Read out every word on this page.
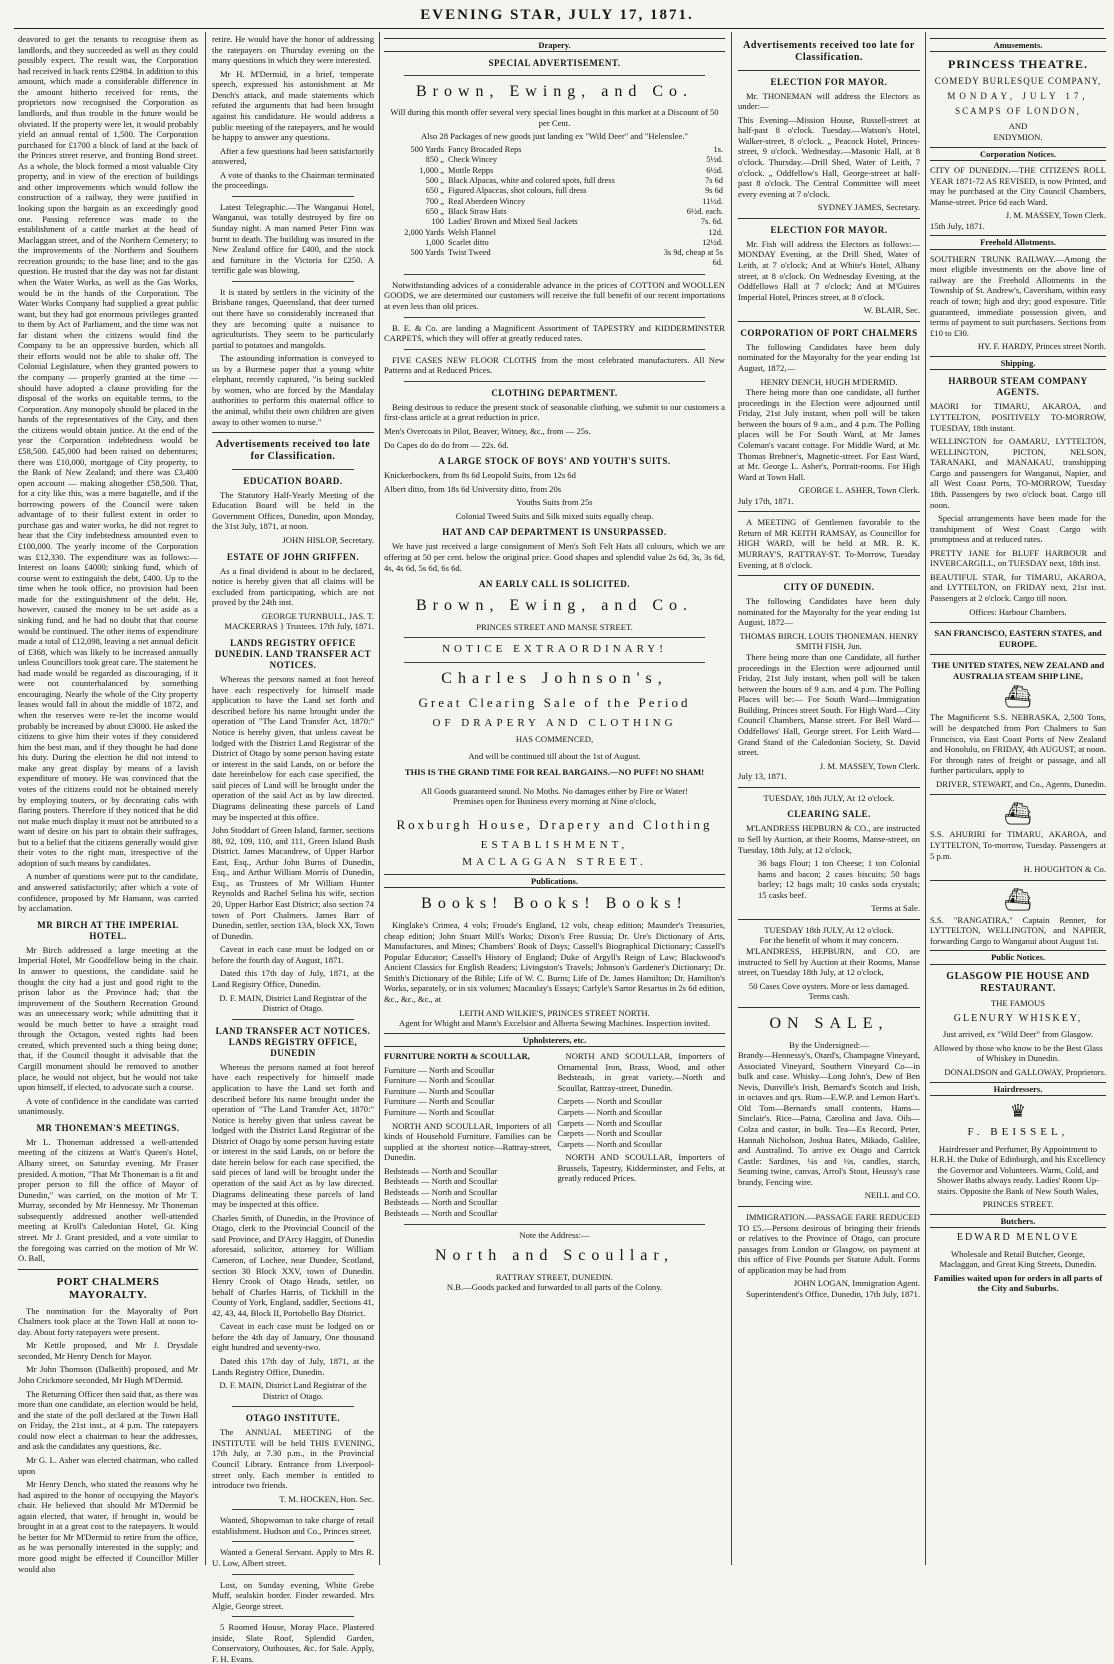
EVENING STAR, JULY 17, 1871.

deavored to get the tenants to recognise them as landlords, and they succeeded as well as they could possibly expect. The result was, the Corporation had received in back rents £2984. In addition to this amount, which made a considerable difference in the amount hitherto received for rents, the proprietors now recognised the Corporation as landlords, and thus trouble in the future would be obviated. If the property were let, it would probably yield an annual rental of 1,500. The Corporation purchased for £1700 a block of land at the back of the Princes street reserve, and fronting Bond street. As a whole, the block formed a most valuable City property, and in view of the erection of buildings and other improvements which would follow the construction of a railway, they were justified in looking upon the bargain as an exceedingly good one. Passing reference was made to the establishment of a cattle market at the head of Maclaggan street, and of the Northern Cemetery; to the improvements of the Northern and Southern recreation grounds; to the base line; and to the gas question. He trusted that the day was not far distant when the Water Works, as well as the Gas Works, would be in the hands of the Corporation. The Water Works Company had supplied a great public want, but they had got enormous privileges granted to them by Act of Parliament, and the time was not far distant when the citizens would find the Company to be an oppressive burden, which all their efforts would not be able to shake off. The Colonial Legislature, when they granted powers to the company — properly granted at the time — should have adopted a clause providing for the disposal of the works on equitable terms, to the Corporation. Any monopoly should be placed in the hands of the representatives of the City, and then the citizens would obtain justice. At the end of the year the Corporation indebtedness would be £58,500. £45,000 had been raised on debentures; there was £10,000, mortgage of City property, to the Bank of New Zealand; and there was £3,400 open account — making altogether £58,500. That, for a city like this, was a mere bagatelle, and if the borrowing powers of the Council were taken advantage of to their fullest extent in order to purchase gas and water works, he did not regret to hear that the City indebtedness amounted even to £100,000. The yearly income of the Corporation was £12,330. The expenditure was as follows:— Interest on loans £4000; sinking fund, which of course went to extinguish the debt, £400. Up to the time when he took office, no provision had been made for the extinguishment of the debt. He, however, caused the money to be set aside as a sinking fund, and he had no doubt that that course would be continued. The other items of expenditure made a total of £12,098, leaving a net annual deficit of £368, which was likely to be increased annually unless Councillors took great care. The statement he had made would be regarded as discouraging, if it were not counterbalanced by something encouraging. Nearly the whole of the City property leases would fall in about the middle of 1872, and when the reserves were re-let the income would probably be increased by about £3000. He asked the citizens to give him their votes if they considered him the best man, and if they thought he had done his duty. During the election he did not intend to make any great display by means of a lavish expenditure of money. He was convinced that the votes of the citizens could not be obtained merely by employing touters, or by decorating cabs with flaring posters. Therefore if they noticed that he did not make much display it must not be attributed to a want of desire on his part to obtain their suffrages, but to a belief that the citizens generally would give their votes to the right man, irrespective of the adoption of such means by candidates.

A number of questions were put to the candidate, and answered satisfactorily; after which a vote of confidence, proposed by Mr Hamann, was carried by acclamation.

MR BIRCH AT THE IMPERIAL HOTEL.

Mr Birch addressed a large meeting at the Imperial Hotel, Mr Goodfellow being in the chair. In answer to questions, the candidate said he thought the city had a just and good right to the prison labor as the Province had; that the improvement of the Southern Recreation Ground was an unnecessary work; while admitting that it would be much better to have a straight road through the Octagon, vested rights had been created, which prevented such a thing being done; that, if the Council thought it advisable that the Cargill monument should be removed to another place, he would not object, but he would not take upon himself, if elected, to advocate such a course.

A vote of confidence in the candidate was carried unanimously.

MR THONEMAN'S MEETINGS.

Mr L. Thoneman addressed a well-attended meeting of the citizens at Watt's Queen's Hotel, Albany street, on Saturday evening. Mr Fraser presided. A motion, "That Mr Thoneman is a fit and proper person to fill the office of Mayor of Dunedin," was carried, on the motion of Mr T. Murray, seconded by Mr Hennessy. Mr Thoneman subsequently addressed another well-attended meeting at Kroll's Caledonian Hotel, Gt. King street. Mr J. Grant presided, and a vote similar to the foregoing was carried on the motion of Mr W. O. Ball,

PORT CHALMERS MAYORALTY.

The nomination for the Mayoralty of Port Chalmers took place at the Town Hall at noon to-day. About forty ratepayers were present.

Mr Kettle proposed, and Mr J. Drysdale seconded, Mr Henry Dench for Mayor.

Mr John Thomson (Dalkeith) proposed, and Mr John Crickmore seconded, Mr Hugh M'Dermid.

The Returning Officer then said that, as there was more than one candidate, an election would be held, and the state of the poll declared at the Town Hall on Friday, the 21st inst., at 4 p.m. The ratepayers could now elect a chairman to hear the addresses, and ask the candidates any questions, &c.

Mr G. L. Asher was elected chairman, who called upon

Mr Henry Dench, who stated the reasons why he had aspired to the honor of occupying the Mayor's chair. He believed that should Mr M'Dermid be again elected, that water, if brought in, would be brought in at a great cost to the ratepayers. It would be better for Mr M'Dermid to retire from the office, as he was personally interested in the supply; and more good might be effected if Councillor Miller would also

retire. He would have the honor of addressing the ratepayers on Thursday evening on the many questions in which they were interested.

Mr H. M'Dermid, in a brief, temperate speech, expressed his astonishment at Mr Dench's attack, and made statements which refuted the arguments that had been brought against his candidature. He would address a public meeting of the ratepayers, and he would be happy to answer any questions.

After a few questions had been satisfactorily answered,

A vote of thanks to the Chairman terminated the proceedings.

Latest Telegraphic.—The Wanganui Hotel, Wanganui, was totally destroyed by fire on Sunday night. A man named Peter Finn was burnt to death. The building was insured in the New Zealand office for £400, and the stock and furniture in the Victoria for £250. A terrific gale was blowing.

It is stated by settlers in the vicinity of the Brisbane ranges, Queensland, that deer turned out there have so considerably increased that they are becoming quite a nuisance to agriculturists. They seem to be particularly partial to potatoes and mangolds.

The astounding information is conveyed to us by a Burmese paper that a young white elephant, recently captured, "is being suckled by women, who are forced by the Mandalay authorities to perform this maternal office to the animal, whilst their own children are given away to other women to nurse."

Advertisements received too late for Classification.
EDUCATION BOARD.

The Statutory Half-Yearly Meeting of the Education Board will be held in the Government Offices, Dunedin, upon Monday, the 31st July, 1871, at noon.

JOHN HISLOP, Secretary.
ESTATE OF JOHN GRIFFEN.

As a final dividend is about to be declared, notice is hereby given that all claims will be excluded from participating, which are not proved by the 24th inst.

GEORGE TURNBULL, JAS. T. MACKERRAS } Trustees. 17th July, 1871.
LANDS REGISTRY OFFICE DUNEDIN. LAND TRANSFER ACT NOTICES.

Whereas the persons named at foot hereof have each respectively for himself made application to have the Land set forth and described before his name brought under the operation of "The Land Transfer Act, 1870:" Notice is hereby given, that unless caveat be lodged with the District Land Registrar of the District of Otago by some person having estate or interest in the said Lands, on or before the date hereinbelow for each case specified, the said pieces of Land will be brought under the operation of the said Act as by law directed. Diagrams delineating these parcels of Land may be inspected at this office.

John Stoddart of Green Island, farmer, sections 88, 92, 109, 110, and 111, Green Island Bush District. James Macandrew, of Upper Harbor East, Esq., Arthur John Burns of Dunedin, Esq., and Arthur William Morris of Dunedin, Esq., as Trustees of Mr William Hunter Reynolds and Rachel Selina his wife, section 20, Upper Harbor East District; also section 74 town of Port Chalmers. James Barr of Dunedin, settler, section 13A, block XX, Town of Dunedin.

Caveat in each case must be lodged on or before the fourth day of August, 1871.

Dated this 17th day of July, 1871, at the Land Registry Office, Dunedin.

D. F. MAIN, District Land Registrar of the District of Otago.
LAND TRANSFER ACT NOTICES. LANDS REGISTRY OFFICE, DUNEDIN

Whereas the persons named at foot hereof have each respectively for himself made application to have the Land set forth and described before his name brought under the operation of "The Land Transfer Act, 1870:" Notice is hereby given that unless caveat be lodged with the District Land Registrar of the District of Otago by some person having estate or interest in the said Lands, on or before the date herein below for each case specified, the said pieces of land will be brought under the operation of the said Act as by law directed. Diagrams delineating these parcels of land may be inspected at this office.

Charles Smith, of Dunedin, in the Province of Otago, clerk to the Provincial Council of the said Province, and D'Arcy Haggitt, of Dunedin aforesaid, solicitor, attorney for William Cameron, of Lochee, near Dundee, Scotland, section 30 Block XXV, town of Dunedin. Henry Crook of Otago Heads, settler, on behalf of Charles Harris, of Tickhill in the County of York, England, saddler, Sections 41, 42, 43, 44, Block II, Portobello Bay District.

Caveat in each case must be lodged on or before the 4th day of January, One thousand eight hundred and seventy-two.

Dated this 17th day of July, 1871, at the Lands Registry Office, Dunedin.

D. F. MAIN, District Land Registrar of the District of Otago.
OTAGO INSTITUTE.

The ANNUAL MEETING of the INSTITUTE will be held THIS EVENING, 17th July, at 7.30 p.m., in the Provincial Council Library. Entrance from Liverpool-street only. Each member is entitled to introduce two friends.

T. M. HOCKEN, Hon. Sec.

Wanted, Shopwoman to take charge of retail establishment. Hudson and Co., Princes street.

Wanted a General Servant. Apply to Mrs R. U. Low, Albert street.

Lost, on Sunday evening, White Grebe Muff, sealskin border. Finder rewarded. Mrs Algie, George street.

5 Roomed House, Moray Place. Plastered inside, Slate Roof, Splendid Garden, Conservatory, Outhouses, &c. for Sale. Apply, F. H. Evans.

Drapery.
SPECIAL ADVERTISEMENT.
Brown, Ewing, and Co.

Will during this month offer several very special lines bought in this market at a Discount of 50 per Cent.

Also 28 Packages of new goods just landing ex "Wild Deer" and "Helenslee."

500 Yards	Fancy Brocaded Reps	1s.
850 „	Check Wincey	5½d.
1,000 „	Mottle Repps	6½d.
500 „	Black Alpacas, white and colored spots, full dress	7s 6d
650 „	Figured Alpaccas, shot colours, full dress	9s 6d
700 „	Real Aberdeen Wincey	11½d.
650 „	Black Straw Hats	6½d. each.
100	Ladies' Brown and Mixed Seal Jackets	7s. 6d.
2,000 Yards	Welsh Flannel	12d.
1,000	Scarlet ditto	12½d.
500 Yards	Twist Tweed	3s 9d, cheap at 5s 6d.

Notwithstanding advices of a considerable advance in the prices of COTTON and WOOLLEN GOODS, we are determined our customers will receive the full benefit of our recent importations at even less than old prices.

B. E. & Co. are landing a Magnificent Assortment of TAPESTRY and KIDDERMINSTER CARPETS, which they will offer at greatly reduced rates.

FIVE CASES NEW FLOOR CLOTHS from the most celebrated manufacturers. All New Patterns and at Reduced Prices.

CLOTHING DEPARTMENT.

Being desirous to reduce the present stock of seasonable clothing, we submit to our customers a first-class article at a great reduction in price.

Men's Overcoats in Pilot, Beaver, Witney, &c., from — 25s.

Do Capes do do do from — 22s. 6d.

A LARGE STOCK OF BOYS' AND YOUTH'S SUITS.

Knickerbockers, from 8s 6d Leopold Suits, from 12s 6d

Albert ditto, from 18s 6d University ditto, from 20s

Youths Suits from 25s

Colonial Tweed Suits and Silk mixed suits equally cheap.

HAT AND CAP DEPARTMENT IS UNSURPASSED.

We have just received a large consignment of Men's Soft Felt Hats all colours, which we are offering at 50 per cent. below the original price. Good shapes and splendid value 2s 6d, 3s, 3s 6d, 4s, 4s 6d, 5s 6d, 6s 6d.

AN EARLY CALL IS SOLICITED.
Brown, Ewing, and Co.
PRINCES STREET AND MANSE STREET.
NOTICE EXTRAORDINARY!
Charles Johnson's,
Great Clearing Sale of the Period
OF DRAPERY AND CLOTHING
HAS COMMENCED,
And will be continued till about the 1st of August.
THIS IS THE GRAND TIME FOR REAL BARGAINS.—NO PUFF! NO SHAM!
All Goods guaranteed sound. No Moths. No damages either by Fire or Water!
Premises open for Business every morning at Nine o'clock,
Roxburgh House, Drapery and Clothing
ESTABLISHMENT,
MACLAGGAN STREET.
Publications.
Books! Books! Books!

Kinglake's Crimea, 4 vols; Froude's England, 12 vols, cheap edition; Maunder's Treasuries, cheap edition; John Stuart Mill's Works; Dixon's Free Russia; Dr. Ure's Dictionary of Arts, Manufactures, and Mines; Chambers' Book of Days; Cassell's Biographical Dictionary; Cassell's Popular Educator; Cassell's History of England; Duke of Argyll's Reign of Law; Blackwood's Ancient Classics for English Readers; Livingston's Travels; Johnson's Gardener's Dictionary; Dr. Smith's Dictionary of the Bible; Life of W. C. Burns; Life of Dr. James Hamilton; Dr. Hamilton's Works, separately, or in six volumes; Macaulay's Essays; Carlyle's Sartor Resartus in 2s 6d edition, &c., &c., &c., at

LEITH AND WILKIE'S, PRINCES STREET NORTH.
Agent for Whight and Mann's Excelsior and Alberta Sewing Machines. Inspection invited.
Upholsterers, etc.

FURNITURE NORTH & SCOULLAR,

Furniture — North and Scoullar
Furniture — North and Scoullar
Furniture — North and Scoullar
Furniture — North and Scoullar
Furniture — North and Scoullar

NORTH AND SCOULLAR, Importers of all kinds of Household Furniture. Families can be supplied at the shortest notice—Rattray-street, Dunedin.

Bedsteads — North and Scoullar
Bedsteads — North and Scoullar
Bedsteads — North and Scoullar
Bedsteads — North and Scoullar
Bedsteads — North and Scoullar

NORTH AND SCOULLAR, Importers of Ornamental Iron, Brass, Wood, and other Bedsteads, in great variety.—North and Scoullar, Rattray-street, Dunedin.

Carpets — North and Scoullar
Carpets — North and Scoullar
Carpets — North and Scoullar
Carpets — North and Scoullar
Carpets — North and Scoullar

NORTH AND SCOULLAR, Importers of Brussels, Tapestry, Kidderminster, and Felts, at greatly reduced Prices.

Note the Address:—
North and Scoullar,
RATTRAY STREET, DUNEDIN.
N.B.—Goods packed and forwarded to all parts of the Colony.
Advertisements received too late for Classification.
ELECTION FOR MAYOR.

Mr. THONEMAN will address the Electors as under:—

This Evening—Mission House, Russell-street at half-past 8 o'clock. Tuesday.—Watson's Hotel, Walker-street, 8 o'clock. „ Peacock Hotel, Princes-street, 9 o'clock. Wednesday.—Masonic Hall, at 8 o'clock. Thursday.—Drill Shed, Water of Leith, 7 o'clock. „ Oddfellow's Hall, George-street at half-past 8 o'clock. The Central Committee will meet every evening at 7 o'clock.

SYDNEY JAMES, Secretary.
ELECTION FOR MAYOR.

Mr. Fish will address the Electors as follows:— MONDAY Evening, at the Drill Shed, Water of Leith, at 7 o'clock; And at White's Hotel, Albany street, at 8 o'clock. On Wednesday Evening, at the Oddfellows Hall at 7 o'clock; And at M'Guires Imperial Hotel, Princes street, at 8 o'clock.

W. BLAIR, Sec.
CORPORATION OF PORT CHALMERS

The following Candidates have been duly nominated for the Mayoralty for the year ending 1st August, 1872,—

HENRY DENCH, HUGH M'DERMID.

There being more than one candidate, all further proceedings in the Election were adjourned until Friday, 21st July instant, when poll will be taken between the hours of 9 a.m., and 4 p.m. The Polling places will be For South Ward, at Mr James Coleman's vacant cottage. For Middle Ward, at Mr. Thomas Brebner's, Magnetic-street. For East Ward, at Mr. George L. Asher's, Portrait-rooms. For High Ward at Town Hall.

GEORGE L. ASHER, Town Clerk.
July 17th, 1871.

A MEETING of Gentlemen favorable to the Return of MR KEITH RAMSAY, as Councillor for HIGH WARD, will be held at MR. R. K. MURRAY'S, RATTRAY-ST. To-Morrow, Tuesday Evening, at 8 o'clock.

CITY OF DUNEDIN.

The following Candidates have been duly nominated for the Mayoralty for the year ending 1st August, 1872—

THOMAS BIRCH. LOUIS THONEMAN. HENRY SMITH FISH, Jun.

There being more than one Candidate, all further proceedings in the Election were adjourned until Friday, 21st July instant, when poll will be taken between the hours of 9 a.m. and 4 p.m. The Polling Places will be:— For South Ward—Immigration Building, Princes street South. For High Ward—City Council Chambers, Manse street. For Bell Ward—Oddfellows' Hall, George street. For Leith Ward—Grand Stand of the Caledonian Society, St. David street.

J. M. MASSEY, Town Clerk.
July 13, 1871.
TUESDAY, 18th JULY, At 12 o'clock.
CLEARING SALE.

M'LANDRESS HEPBURN & CO., are instructed to Sell by Auction, at their Rooms, Manse-street, on Tuesday, 18th July, at 12 o'clock,

36 bags Flour; 1 ton Cheese; 1 ton Colonial hams and bacon; 2 cases biscuits; 50 bags barley; 12 bags malt; 10 casks soda crystals; 15 casks beef.

Terms at Sale.
TUESDAY 18th JULY, At 12 o'clock.
For the benefit of whom it may concern.

M'LANDRESS, HEPBURN, and CO. are instructed to Sell by Auction at their Rooms, Manse street, on Tuesday 18th July, at 12 o'clock,

50 Cases Cove oysters. More or less damaged. Terms cash.

ON SALE,
By the Undersigned:—

Brandy—Hennessy's, Otard's, Champagne Vineyard, Associated Vineyard, Southern Vineyard Co—in bulk and case. Whisky—Long John's, Dew of Ben Nevis, Dunville's Irish, Bernard's Scotch and Irish, in octaves and qrs. Rum—E.W.P. and Lemon Hart's. Old Tom—Bernard's small contents. Hams—Sinclair's. Rice—Patna, Carolina and Java. Oils—Colza and castor, in bulk. Tea—Ex Record, Peter, Hannah Nicholson, Joshua Bates, Mikado, Galilee, and Australind. To arrive ex Otago and Carrick Castle: Sardines, ¼s and ½s, candles, starch, Seaming twine, canvas, Arrol's Stout, Heussy's case brandy, Fencing wire.

NEILL and CO.

IMMIGRATION.—PASSAGE FARE REDUCED TO £5.—Persons desirous of bringing their friends or relatives to the Province of Otago, can procure passages from London or Glasgow, on payment at this office of Five Pounds per Statute Adult. Forms of application may be had from

JOHN LOGAN, Immigration Agent. Superintendent's Office, Dunedin, 17th July, 1871.
Amusements.
PRINCESS THEATRE.
COMEDY BURLESQUE COMPANY,
MONDAY, JULY 17,
SCAMPS OF LONDON,
AND
ENDYMION.
Corporation Notices.

CITY OF DUNEDIN.—THE CITIZEN'S ROLL YEAR 1871-72 AS REVISED, is now Printed, and may be purchased at the City Council Chambers, Manse-street. Price 6d each Ward.

J. M. MASSEY, Town Clerk.
15th July, 1871.
Freehold Allotments.

SOUTHERN TRUNK RAILWAY.—Among the most eligible investments on the above line of railway are the Freehold Allotments in the Township of St. Andrew's, Caversham, within easy reach of town; high and dry; good exposure. Title guaranteed, immediate possession given, and terms of payment to suit purchasers. Sections from £10 to £30.

HY. F. HARDY, Princes street North.
Shipping.
HARBOUR STEAM COMPANY AGENTS.

MAORI for TIMARU, AKAROA, and LYTTELTON, POSITIVELY TO-MORROW, TUESDAY, 18th instant.

WELLINGTON for OAMARU, LYTTELTON, WELLINGTON, PICTON, NELSON, TARANAKI, and MANAKAU, transhipping Cargo and passengers for Wanganui, Napier, and all West Coast Ports, TO-MORROW, Tuesday 18th. Passengers by two o'clock boat. Cargo till noon.

Special arrangements have been made for the transhipment of West Coast Cargo with promptness and at reduced rates.

PRETTY JANE for BLUFF HARBOUR and INVERCARGILL, on TUESDAY next, 18th inst.

BEAUTIFUL STAR, for TIMARU, AKAROA, and LYTTELTON, on FRIDAY next, 21st inst. Passengers at 2 o'clock. Cargo till noon.

Offices: Harbour Chambers.
SAN FRANCISCO, EASTERN STATES, and EUROPE.
THE UNITED STATES, NEW ZEALAND and AUSTRALIA STEAM SHIP LINE,
⛴

The Magnificent S.S. NEBRASKA, 2,500 Tons, will be despatched from Port Chalmers to San Francisco, via East Coast Ports of New Zealand and Honolulu, on FRIDAY, 4th AUGUST, at noon. For through rates of freight or passage, and all further particulars, apply to

DRIVER, STEWART, and Co., Agents, Dunedin.
⛴

S.S. AHURIRI for TIMARU, AKAROA, and LYTTELTON, To-morrow, Tuesday. Passengers at 5 p.m.

H. HOUGHTON & Co.
⛴

S.S. "RANGATIRA," Captain Renner, for LYTTELTON, WELLINGTON, and NAPIER, forwarding Cargo to Wanganui about August 1st.

Public Notices.
GLASGOW PIE HOUSE AND RESTAURANT.
THE FAMOUS
GLENURY WHISKEY,

Just arrived, ex "Wild Deer" from Glasgow.

Allowed by those who know to be the Best Glass of Whiskey in Dunedin.

DONALDSON and GALLOWAY, Proprietors.
Hairdressers.
♛
F. BEISSEL,

Hairdresser and Perfumer, By Appointment to H.R.H. the Duke of Edinburgh, and his Excellency the Governor and Volunteers. Warm, Cold, and Shower Baths always ready. Ladies' Room Up-stairs. Opposite the Bank of New South Wales,

PRINCES STREET.
Butchers.
EDWARD MENLOVE

Wholesale and Retail Butcher, George, Maclaggan, and Great King Streets, Dunedin.

Families waited upon for orders in all parts of the City and Suburbs.
